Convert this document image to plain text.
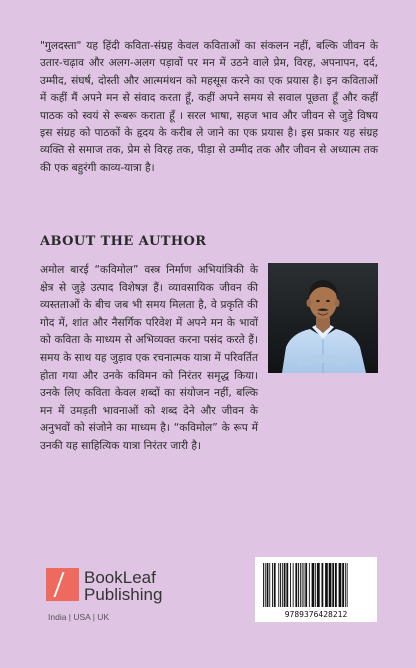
"गुलदस्ता" यह हिंदी कविता-संग्रह केवल कविताओं का संकलन नहीं, बल्कि जीवन के उतार-चढ़ाव और अलग-अलग पड़ावों पर मन में उठने वाले प्रेम, विरह, अपनापन, दर्द, उम्मीद, संघर्ष, दोस्ती और आत्ममंथन को महसूस करने का एक प्रयास है। इन कविताओं में कहीं मैं अपने मन से संवाद करता हूँ, कहीं अपने समय से सवाल पूछता हूँ और कहीं पाठक को स्वयं से रूबरू कराता हूँ । सरल भाषा, सहज भाव और जीवन से जुड़े विषय इस संग्रह को पाठकों के हृदय के करीब ले जाने का एक प्रयास है। इस प्रकार यह संग्रह व्यक्ति से समाज तक, प्रेम से विरह तक, पीड़ा से उम्मीद तक और जीवन से अध्यात्म तक की एक बहुरंगी काव्य-यात्रा है।

ABOUT THE AUTHOR

अमोल बारई “कविमोल” वस्त्र निर्माण अभियांत्रिकी के क्षेत्र से जुड़े उत्पाद विशेषज्ञ हैं। व्यावसायिक जीवन की व्यस्तताओं के बीच जब भी समय मिलता है, वे प्रकृति की गोद में, शांत और नैसर्गिक परिवेश में अपने मन के भावों को कविता के माध्यम से अभिव्यक्त करना पसंद करते हैं। समय के साथ यह जुड़ाव एक रचनात्मक यात्रा में परिवर्तित होता गया और उनके कविमन को निरंतर समृद्ध किया। उनके लिए कविता केवल शब्दों का संयोजन नहीं, बल्कि मन में उमड़ती भावनाओं को शब्द देने और जीवन के अनुभवों को संजोने का माध्यम है। “कविमोल” के रूप में उनकी यह साहित्यिक यात्रा निरंतर जारी है।

BookLeaf
Publishing
India | USA | UK	9789376428212
